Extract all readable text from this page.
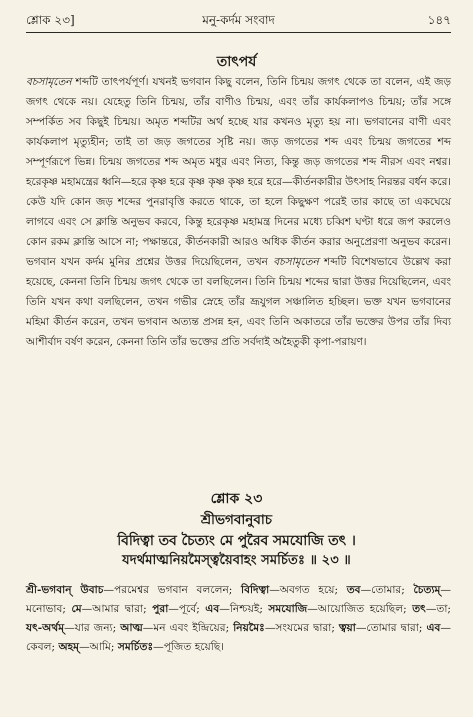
শ্লোক ২৩]	মনু-কর্দম সংবাদ	১৪৭
তাৎপর্য

বচসামৃতেন শব্দটি তাৎপর্যপূর্ণ। যখনই ভগবান কিছু বলেন, তিনি চিন্ময় জগৎ থেকে তা বলেন, এই জড় জগৎ থেকে নয়। যেহেতু তিনি চিন্ময়, তাঁর বাণীও চিন্ময়, এবং তাঁর কার্যকলাপও চিন্ময়; তাঁর সঙ্গে সম্পর্কিত সব কিছুই চিন্ময়। অমৃত শব্দটির অর্থ হচ্ছে যার কখনও মৃত্যু হয় না। ভগবানের বাণী এবং কার্যকলাপ মৃত্যুহীন; তাই তা জড় জগতের সৃষ্টি নয়। জড় জগতের শব্দ এবং চিন্ময় জগতের শব্দ সম্পূর্ণরূপে ভিন্ন। চিন্ময় জগতের শব্দ অমৃত মধুর এবং নিত্য, কিন্তু জড় জগতের শব্দ নীরস এবং নশ্বর। হরেকৃষ্ণ মহামন্ত্রের ধ্বনি—হরে কৃষ্ণ হরে কৃষ্ণ কৃষ্ণ কৃষ্ণ হরে হরে—কীর্তনকারীর উৎসাহ নিরন্তর বর্ধন করে। কেউ যদি কোন জড় শব্দের পুনরাবৃত্তি করতে থাকে, তা হলে কিছুক্ষণ পরেই তার কাছে তা একঘেয়ে লাগবে এবং সে ক্লান্তি অনুভব করবে, কিন্তু হরেকৃষ্ণ মহামন্ত্র দিনের মধ্যে চব্বিশ ঘণ্টা ধরে জপ করলেও কোন রকম ক্লান্তি আসে না; পক্ষান্তরে, কীর্তনকারী আরও অধিক কীর্তন করার অনুপ্রেরণা অনুভব করেন। ভগবান যখন কর্দম মুনির প্রশ্নের উত্তর দিয়েছিলেন, তখন বচসামৃতেন শব্দটি বিশেষভাবে উল্লেখ করা হয়েছে, কেননা তিনি চিন্ময় জগৎ থেকে তা বলছিলেন। তিনি চিন্ময় শব্দের দ্বারা উত্তর দিয়েছিলেন, এবং তিনি যখন কথা বলছিলেন, তখন গভীর স্নেহে তাঁর ভ্রূযুগল সঞ্চালিত হচ্ছিল। ভক্ত যখন ভগবানের মহিমা কীর্তন করেন, তখন ভগবান অত্যন্ত প্রসন্ন হন, এবং তিনি অকাতরে তাঁর ভক্তের উপর তাঁর দিব্য আশীর্বাদ বর্ষণ করেন, কেননা তিনি তাঁর ভক্তের প্রতি সর্বদাই অহৈতুকী কৃপা-পরায়ণ।

শ্লোক ২৩
শ্রীভগবানুবাচ
বিদিত্বা তব চৈত্যং মে পুরৈব সমযোজি তৎ ।
যদর্থমাত্মনিয়মৈস্ত্বয়ৈবাহং সমর্চিতঃ ॥ ২৩ ॥
শ্রী-ভগবান্ উবাচ—পরমেশ্বর ভগবান বললেন; বিদিত্বা—অবগত হয়ে; তব—তোমার; চৈত্যম্—মনোভাব; মে—আমার দ্বারা; পুরা—পূর্বে; এব—নিশ্চয়ই; সমযোজি—আয়োজিত হয়েছিল; তৎ—তা; যৎ-অর্থম্—যার জন্য; আত্ম—মন এবং ইন্দ্রিয়ের; নিয়মৈঃ—সংযমের দ্বারা; ত্বয়া—তোমার দ্বারা; এব—কেবল; অহম্—আমি; সমর্চিতঃ—পূজিত হয়েছি।
